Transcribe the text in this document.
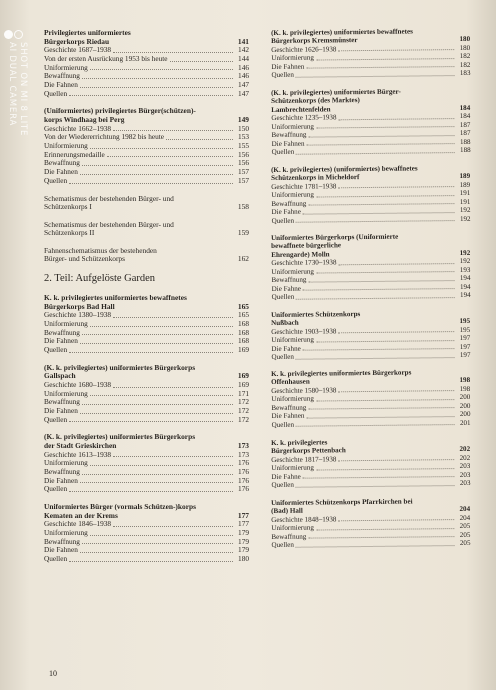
SHOT ON MI 8 LITE
AI DUAL CAMERA
Privilegiertes uniformiertes Bürgerkorps Riedau	141
Geschichte 1687–1938	142
Von der ersten Ausrückung 1953 bis heute	144
Uniformierung	146
Bewaffnung	146
Die Fahnen	147
Quellen	147
(Uniformiertes) privilegiertes Bürger(schützen)-
korps Windhaag bei Perg	149
Geschichte 1662–1938	150
Von der Wiedererrichtung 1982 bis heute	153
Uniformierung	155
Erinnerungsmedaille	156
Bewaffnung	156
Die Fahnen	157
Quellen	157
Schematismus der bestehenden Bürger- und
Schützenkorps I	158
Schematismus der bestehenden Bürger- und
Schützenkorps II	159
Fahnenschematismus der bestehenden
Bürger- und Schützenkorps	162
2. Teil: Aufgelöste Garden
K. k. privilegiertes uniformiertes bewaffnetes
Bürgerkorps Bad Hall	165
Geschichte 1380–1938	165
Uniformierung	168
Bewaffnung	168
Die Fahnen	168
Quellen	169
(K. k. privilegiertes) uniformiertes Bürgerkorps
Gallspach	169
Geschichte 1680–1938	169
Uniformierung	171
Bewaffnung	172
Die Fahnen	172
Quellen	172
(K. k. privilegiertes) uniformiertes Bürgerkorps
der Stadt Grieskirchen	173
Geschichte 1613–1938	173
Uniformierung	176
Bewaffnung	176
Die Fahnen	176
Quellen	176
Uniformiertes Bürger (vormals Schützen-)korps
Kematen an der Krems	177
Geschichte 1846–1938	177
Uniformierung	179
Bewaffnung	179
Die Fahnen	179
Quellen	180
(K. k. privilegiertes) uniformiertes bewaffnetes
Bürgerkorps Kremsmünster	180
Geschichte 1626–1938	180
Uniformierung	182
Die Fahnen	182
Quellen	183
(K. k. privilegiertes) uniformiertes Bürger-
Schützenkorps (des Marktes) Lambrechtenfelden	184
Geschichte 1235–1938	184
Uniformierung	187
Bewaffnung	187
Die Fahnen	188
Quellen	188
(K. k. privilegiertes) (uniformiertes) bewaffnetes
Schützenkorps in Micheldorf	189
Geschichte 1781–1938	189
Uniformierung	191
Bewaffnung	191
Die Fahne	192
Quellen	192
Uniformiertes Bürgerkorps (Uniformierte
bewaffnete bürgerliche Ehrengarde) Molln	192
Geschichte 1730–1938	192
Uniformierung	193
Bewaffnung	194
Die Fahne	194
Quellen	194
Uniformiertes Schützenkorps Nußbach	195
Geschichte 1903–1938	195
Uniformierung	197
Die Fahne	197
Quellen	197
K. k. privilegiertes uniformiertes Bürgerkorps
Offenhausen	198
Geschichte 1580–1938	198
Uniformierung	200
Bewaffnung	200
Die Fahnen	200
Quellen	201
K. k. privilegiertes Bürgerkorps Pettenbach	202
Geschichte 1817–1938	202
Uniformierung	203
Die Fahne	203
Quellen	203
Uniformiertes Schützenkorps Pfarrkirchen bei
(Bad) Hall	204
Geschichte 1848–1938	204
Uniformierung	205
Bewaffnung	205
Quellen	205
10
